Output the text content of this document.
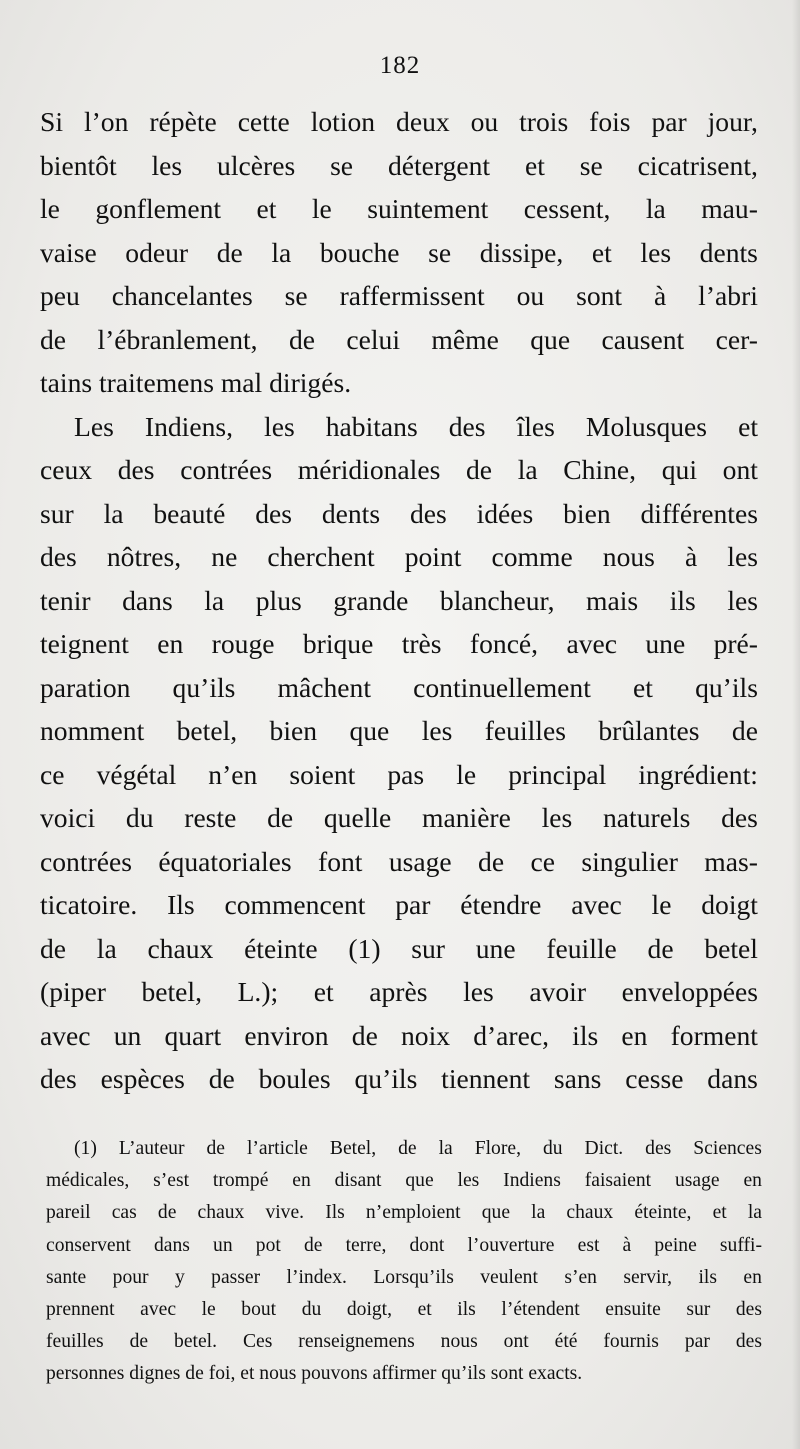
182
Si l’on répète cette lotion deux ou trois fois par jour,
bientôt les ulcères se détergent et se cicatrisent,
le gonflement et le suintement cessent, la mau-
vaise odeur de la bouche se dissipe, et les dents
peu chancelantes se raffermissent ou sont à l’abri
de l’ébranlement, de celui même que causent cer-
tains traitemens mal dirigés.
Les Indiens, les habitans des îles Molusques et
ceux des contrées méridionales de la Chine, qui ont
sur la beauté des dents des idées bien différentes
des nôtres, ne cherchent point comme nous à les
tenir dans la plus grande blancheur, mais ils les
teignent en rouge brique très foncé, avec une pré-
paration qu’ils mâchent continuellement et qu’ils
nomment betel, bien que les feuilles brûlantes de
ce végétal n’en soient pas le principal ingrédient:
voici du reste de quelle manière les naturels des
contrées équatoriales font usage de ce singulier mas-
ticatoire. Ils commencent par étendre avec le doigt
de la chaux éteinte (1) sur une feuille de betel
(piper betel, L.); et après les avoir enveloppées
avec un quart environ de noix d’arec, ils en forment
des espèces de boules qu’ils tiennent sans cesse dans
(1) L’auteur de l’article Betel, de la Flore, du Dict. des Sciences
médicales, s’est trompé en disant que les Indiens faisaient usage en
pareil cas de chaux vive. Ils n’emploient que la chaux éteinte, et la
conservent dans un pot de terre, dont l’ouverture est à peine suffi-
sante pour y passer l’index. Lorsqu’ils veulent s’en servir, ils en
prennent avec le bout du doigt, et ils l’étendent ensuite sur des
feuilles de betel. Ces renseignemens nous ont été fournis par des
personnes dignes de foi, et nous pouvons affirmer qu’ils sont exacts.
